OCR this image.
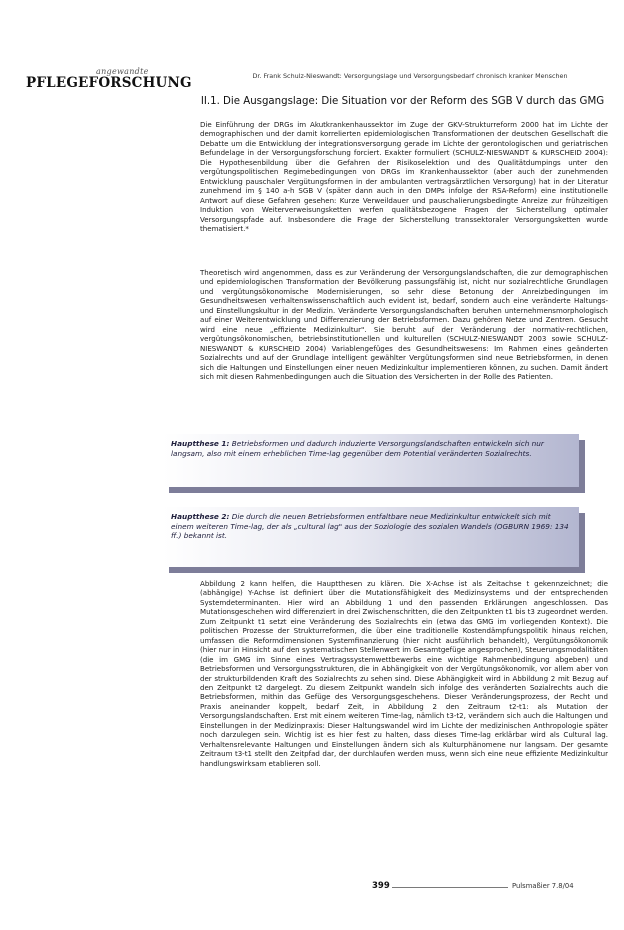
angewandte
PFLEGEFORSCHUNG	Dr. Frank Schulz-Nieswandt: Versorgungslage und Versorgungsbedarf chronisch kranker Menschen
II.1. Die Ausgangslage: Die Situation vor der Reform des SGB V durch das GMG

Die Einführung der DRGs im Akutkrankenhaussektor im Zuge der GKV-Strukturreform 2000 hat im Lichte der demographischen und der damit korrelierten epidemiologischen Transformationen der deutschen Gesellschaft die Debatte um die Entwicklung der integrationsversorgung gerade im Lichte der gerontologischen und geriatrischen Befundelage in der Versorgungsforschung forciert. Exakter formuliert (SCHULZ-NIESWANDT & KURSCHEID 2004): Die Hypothesenbildung über die Gefahren der Risikoselektion und des Qualitätdumpings unter den vergütungspolitischen Regimebedingungen von DRGs im Krankenhaussektor (aber auch der zunehmenden Entwicklung pauschaler Vergütungsformen in der ambulanten vertragsärztlichen Versorgung) hat in der Literatur zunehmend im § 140 a-h SGB V (später dann auch in den DMPs infolge der RSA-Reform) eine institutionelle Antwort auf diese Gefahren gesehen: Kurze Verweildauer und pauschalierungsbedingte Anreize zur frühzeitigen Induktion von Weiterverweisungsketten werfen qualitätsbezogene Fragen der Sicherstellung optimaler Versorgungspfade auf. Insbesondere die Frage der Sicherstellung transsektoraler Versorgungsketten wurde thematisiert.*

Theoretisch wird angenommen, dass es zur Veränderung der Versorgungslandschaften, die zur demographischen und epidemiologischen Transformation der Bevölkerung passungsfähig ist, nicht nur sozialrechtliche Grundlagen und vergütungsökonomische Modernisierungen, so sehr diese Betonung der Anreizbedingungen im Gesundheitswesen verhaltenswissenschaftlich auch evident ist, bedarf, sondern auch eine veränderte Haltungs- und Einstellungskultur in der Medizin. Veränderte Versorgungslandschaften beruhen unternehmensmorphologisch auf einer Weiterentwicklung und Differenzierung der Betriebsformen. Dazu gehören Netze und Zentren. Gesucht wird eine neue „effiziente Medizinkultur". Sie beruht auf der Veränderung der normativ-rechtlichen, vergütungsökonomischen, betriebsinstitutionellen und kulturellen (SCHULZ-NIESWANDT 2003 sowie SCHULZ-NIESWANDT & KURSCHEID 2004) Variablengefüges des Gesundheitswesens: Im Rahmen eines geänderten Sozialrechts und auf der Grundlage intelligent gewählter Vergütungsformen sind neue Betriebsformen, in denen sich die Haltungen und Einstellungen einer neuen Medizinkultur implementieren können, zu suchen. Damit ändert sich mit diesen Rahmenbedingungen auch die Situation des Versicherten in der Rolle des Patienten.

Hauptthese 1: Betriebsformen und dadurch induzierte Versorgungslandschaften entwickeln sich nur langsam, also mit einem erheblichen Time-lag gegenüber dem Potential veränderten Sozialrechts.
Hauptthese 2: Die durch die neuen Betriebsformen entfaltbare neue Medizinkultur entwickelt sich mit einem weiteren Time-lag, der als „cultural lag" aus der Soziologie des sozialen Wandels (OGBURN 1969: 134 ff.) bekannt ist.

Abbildung 2 kann helfen, die Hauptthesen zu klären. Die X-Achse ist als Zeitachse t gekennzeichnet; die (abhängige) Y-Achse ist definiert über die Mutationsfähigkeit des Medizinsystems und der entsprechenden Systemdeterminanten. Hier wird an Abbildung 1 und den passenden Erklärungen angeschlossen. Das Mutationsgeschehen wird differenziert in drei Zwischenschritten, die den Zeitpunkten t1 bis t3 zugeordnet werden. Zum Zeitpunkt t1 setzt eine Veränderung des Sozialrechts ein (etwa das GMG im vorliegenden Kontext). Die politischen Prozesse der Strukturreformen, die über eine traditionelle Kostendämpfungspolitik hinaus reichen, umfassen die Reformdimensionen Systemfinanzierung (hier nicht ausführlich behandelt), Vergütungsökonomik (hier nur in Hinsicht auf den systematischen Stellenwert im Gesamtgefüge angesprochen), Steuerungsmodalitäten (die im GMG im Sinne eines Vertragssystemwettbewerbs eine wichtige Rahmenbedingung abgeben) und Betriebsformen und Versorgungsstrukturen, die in Abhängigkeit von der Vergütungsökonomik, vor allem aber von der strukturbildenden Kraft des Sozialrechts zu sehen sind. Diese Abhängigkeit wird in Abbildung 2 mit Bezug auf den Zeitpunkt t2 dargelegt. Zu diesem Zeitpunkt wandeln sich infolge des veränderten Sozialrechts auch die Betriebsformen, mithin das Gefüge des Versorgungsgeschehens. Dieser Veränderungsprozess, der Recht und Praxis aneinander koppelt, bedarf Zeit, in Abbildung 2 den Zeitraum t2-t1: als Mutation der Versorgungslandschaften. Erst mit einem weiteren Time-lag, nämlich t3-t2, verändern sich auch die Haltungen und Einstellungen in der Medizinpraxis: Dieser Haltungswandel wird im Lichte der medizinischen Anthropologie später noch darzulegen sein. Wichtig ist es hier fest zu halten, dass dieses Time-lag erklärbar wird als Cultural lag. Verhaltensrelevante Haltungen und Einstellungen ändern sich als Kulturphänomene nur langsam. Der gesamte Zeitraum t3-t1 stellt den Zeitpfad dar, der durchlaufen werden muss, wenn sich eine neue effiziente Medizinkultur handlungswirksam etablieren soll.

399	Pulsmaßier 7.8/04
